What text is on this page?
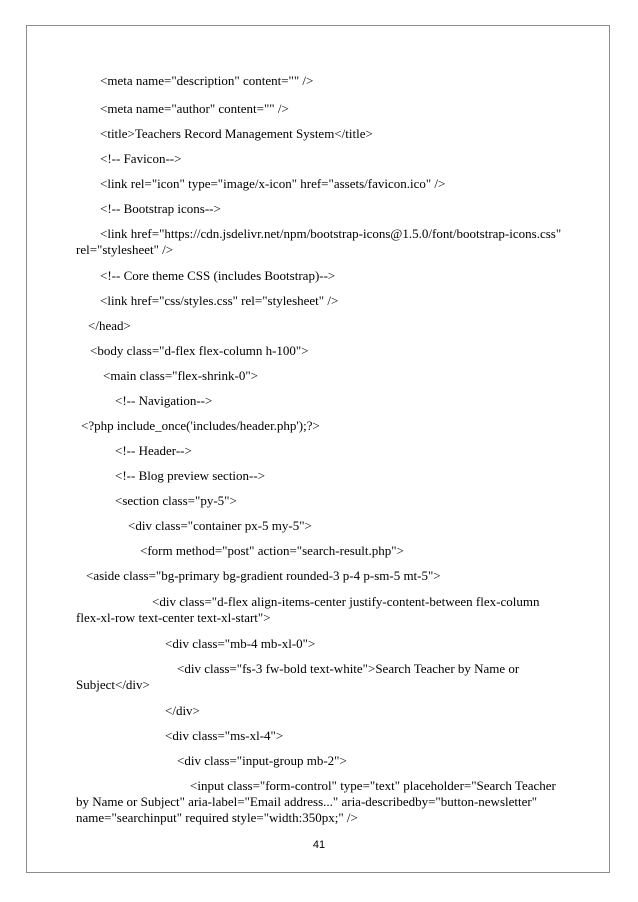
<meta name="description" content="" />

<meta name="author" content="" />

<title>Teachers Record Management System</title>

<!-- Favicon-->

<link rel="icon" type="image/x-icon" href="assets/favicon.ico" />

<!-- Bootstrap icons-->

<link href="https://cdn.jsdelivr.net/npm/bootstrap-icons@1.5.0/font/bootstrap-icons.css"

rel="stylesheet" />

<!-- Core theme CSS (includes Bootstrap)-->

<link href="css/styles.css" rel="stylesheet" />

</head>

<body class="d-flex flex-column h-100">

<main class="flex-shrink-0">

<!-- Navigation-->

<?php include_once('includes/header.php');?>

<!-- Header-->

<!-- Blog preview section-->

<section class="py-5">

<div class="container px-5 my-5">

<form method="post" action="search-result.php">

<aside class="bg-primary bg-gradient rounded-3 p-4 p-sm-5 mt-5">

<div class="d-flex align-items-center justify-content-between flex-column

flex-xl-row text-center text-xl-start">

<div class="mb-4 mb-xl-0">

<div class="fs-3 fw-bold text-white">Search Teacher by Name or

Subject</div>

</div>

<div class="ms-xl-4">

<div class="input-group mb-2">

<input class="form-control" type="text" placeholder="Search Teacher

by Name or Subject" aria-label="Email address..." aria-describedby="button-newsletter"

name="searchinput" required style="width:350px;" />

41
